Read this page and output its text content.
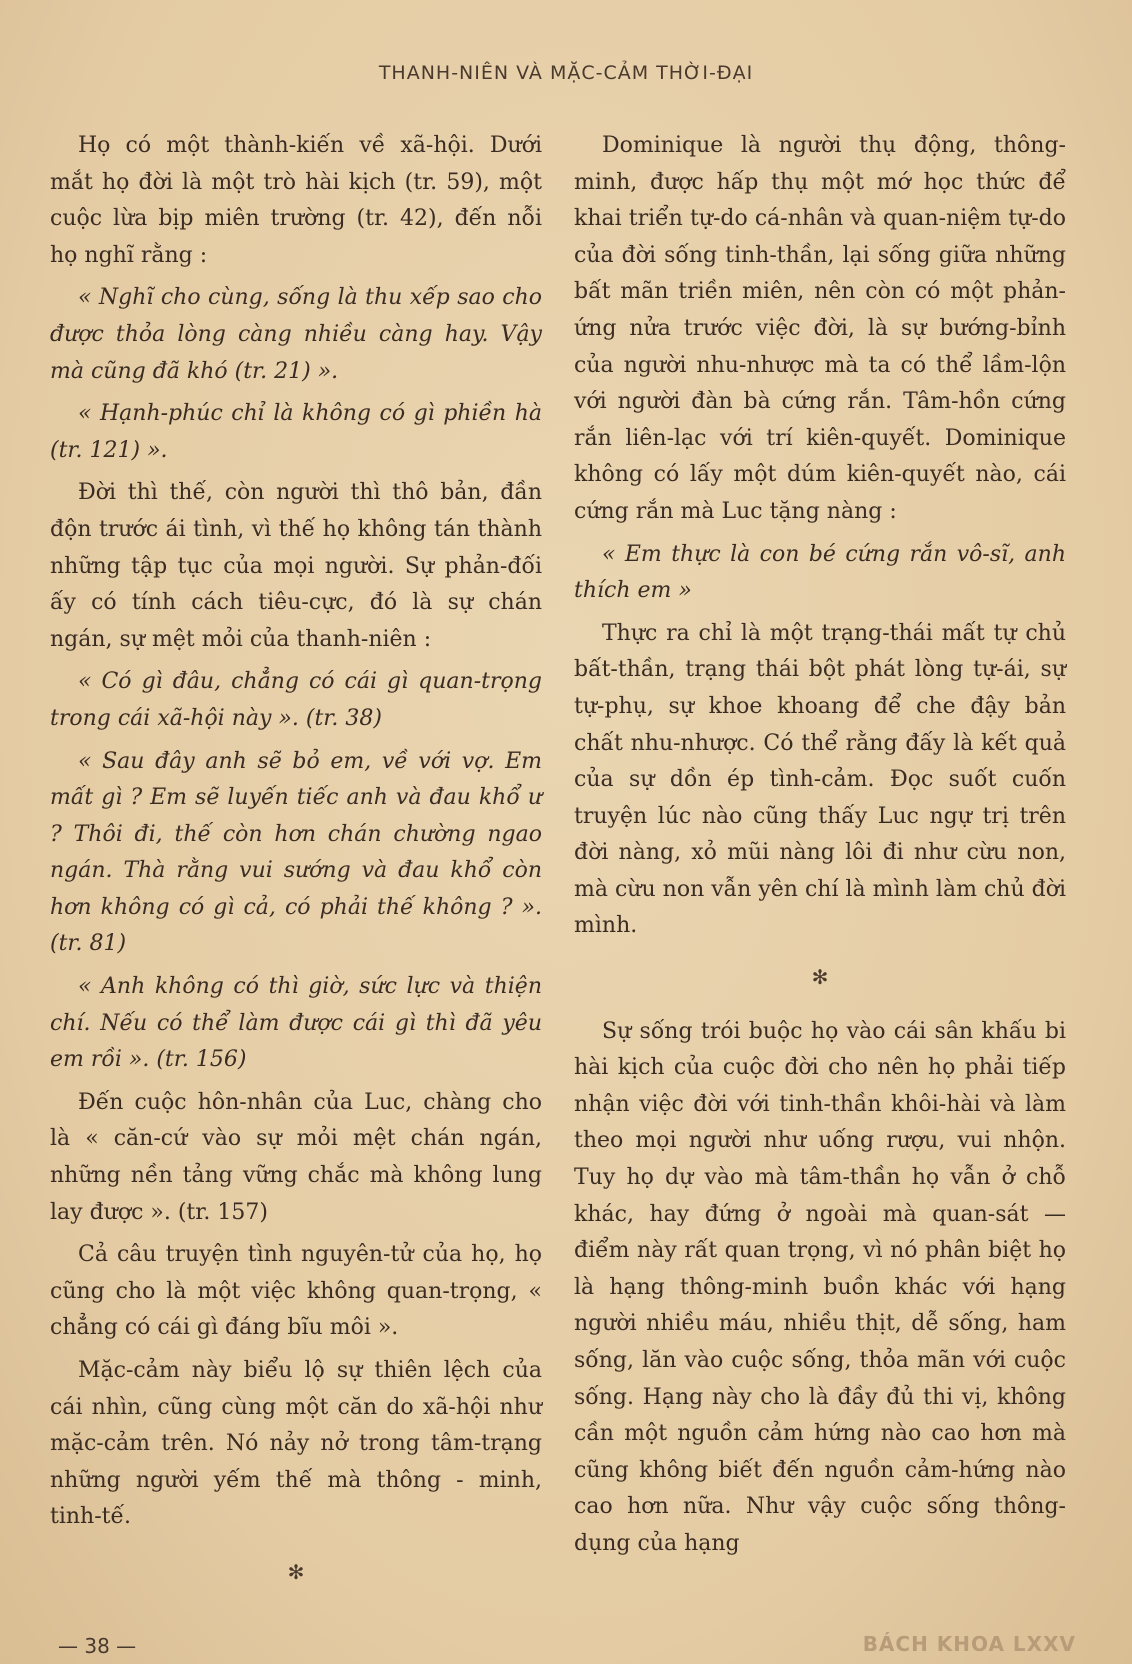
THANH-NIÊN VÀ MẶC-CẢM THỜI-ĐẠI

Họ có một thành-kiến về xã-hội. Dưới mắt họ đời là một trò hài kịch (tr. 59), một cuộc lừa bịp miên trường (tr. 42), đến nỗi họ nghĩ rằng :

« Nghĩ cho cùng, sống là thu xếp sao cho được thỏa lòng càng nhiều càng hay. Vậy mà cũng đã khó (tr. 21) ».

« Hạnh-phúc chỉ là không có gì phiền hà (tr. 121) ».

Đời thì thế, còn người thì thô bản, đần độn trước ái tình, vì thế họ không tán thành những tập tục của mọi người. Sự phản-đối ấy có tính cách tiêu-cực, đó là sự chán ngán, sự mệt mỏi của thanh-niên :

« Có gì đâu, chẳng có cái gì quan-trọng trong cái xã-hội này ». (tr. 38)

« Sau đây anh sẽ bỏ em, về với vợ. Em mất gì ? Em sẽ luyến tiếc anh và đau khổ ư ? Thôi đi, thế còn hơn chán chường ngao ngán. Thà rằng vui sướng và đau khổ còn hơn không có gì cả, có phải thế không ? ». (tr. 81)

« Anh không có thì giờ, sức lực và thiện chí. Nếu có thể làm được cái gì thì đã yêu em rồi ». (tr. 156)

Đến cuộc hôn-nhân của Luc, chàng cho là « căn-cứ vào sự mỏi mệt chán ngán, những nền tảng vững chắc mà không lung lay được ». (tr. 157)

Cả câu truyện tình nguyên-tử của họ, họ cũng cho là một việc không quan-trọng, « chẳng có cái gì đáng bĩu môi ».

Mặc-cảm này biểu lộ sự thiên lệch của cái nhìn, cũng cùng một căn do xã-hội như mặc-cảm trên. Nó nảy nở trong tâm-trạng những người yếm thế mà thông - minh, tinh-tế.

✻

Dominique là người thụ động, thông-minh, được hấp thụ một mớ học thức để khai triển tự-do cá-nhân và quan-niệm tự-do của đời sống tinh-thần, lại sống giữa những bất mãn triền miên, nên còn có một phản-ứng nửa trước việc đời, là sự bướng-bỉnh của người nhu-nhược mà ta có thể lầm-lộn với người đàn bà cứng rắn. Tâm-hồn cứng rắn liên-lạc với trí kiên-quyết. Dominique không có lấy một dúm kiên-quyết nào, cái cứng rắn mà Luc tặng nàng :

« Em thực là con bé cứng rắn vô-sĩ, anh thích em »

Thực ra chỉ là một trạng-thái mất tự chủ bất-thần, trạng thái bột phát lòng tự-ái, sự tự-phụ, sự khoe khoang để che đậy bản chất nhu-nhược. Có thể rằng đấy là kết quả của sự dồn ép tình-cảm. Đọc suốt cuốn truyện lúc nào cũng thấy Luc ngự trị trên đời nàng, xỏ mũi nàng lôi đi như cừu non, mà cừu non vẫn yên chí là mình làm chủ đời mình.

✻

Sự sống trói buộc họ vào cái sân khấu bi hài kịch của cuộc đời cho nên họ phải tiếp nhận việc đời với tinh-thần khôi-hài và làm theo mọi người như uống rượu, vui nhộn. Tuy họ dự vào mà tâm-thần họ vẫn ở chỗ khác, hay đứng ở ngoài mà quan-sát — điểm này rất quan trọng, vì nó phân biệt họ là hạng thông-minh buồn khác với hạng người nhiều máu, nhiều thịt, dễ sống, ham sống, lăn vào cuộc sống, thỏa mãn với cuộc sống. Hạng này cho là đầy đủ thi vị, không cần một nguồn cảm hứng nào cao hơn mà cũng không biết đến nguồn cảm-hứng nào cao hơn nữa. Như vậy cuộc sống thông-dụng của hạng

— 38 —	BÁCH KHOA LXXV
